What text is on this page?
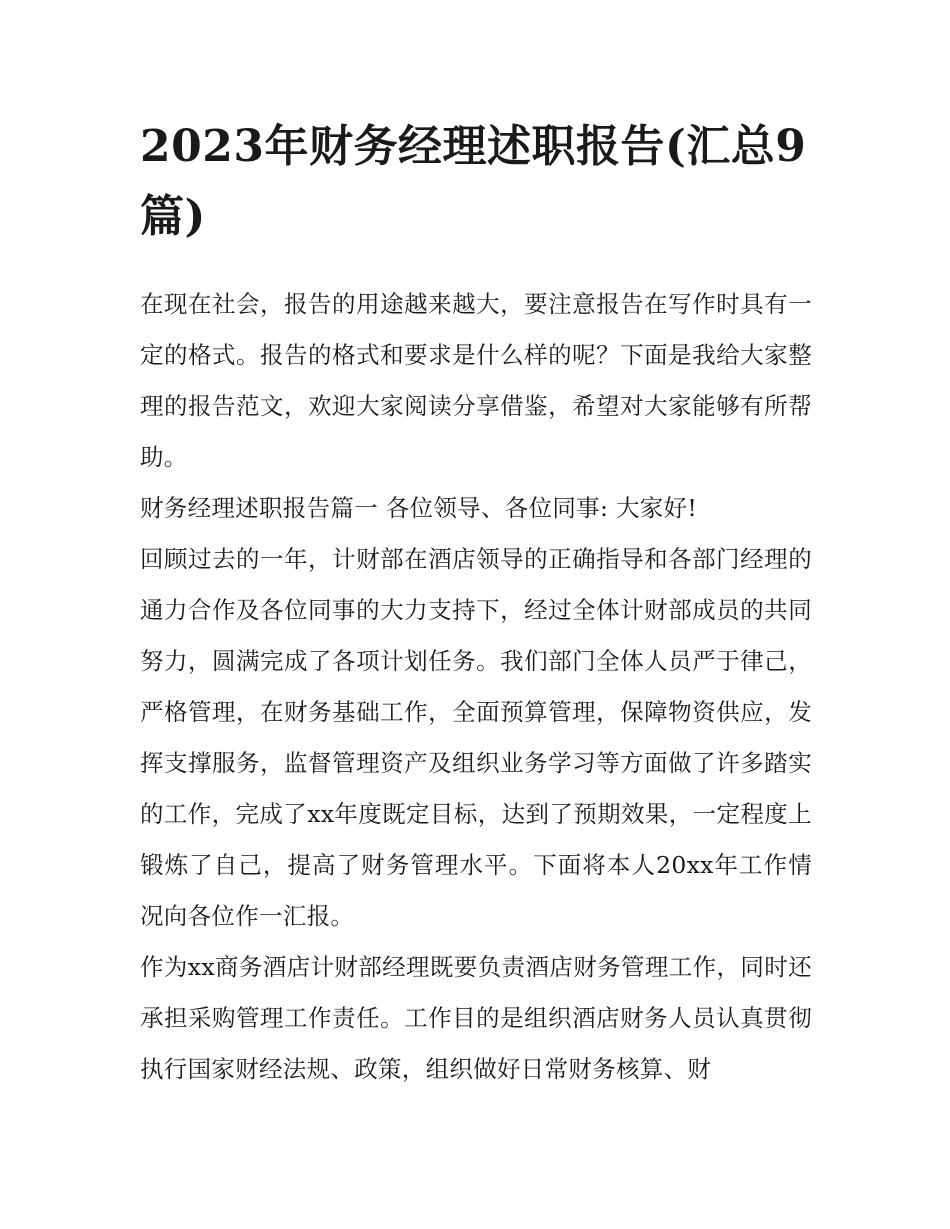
2023年财务经理述职报告(汇总9篇)

在现在社会，报告的用途越来越大，要注意报告在写作时具有一定的格式。报告的格式和要求是什么样的呢？下面是我给大家整理的报告范文，欢迎大家阅读分享借鉴，希望对大家能够有所帮助。

财务经理述职报告篇一 各位领导、各位同事: 大家好!

回顾过去的一年，计财部在酒店领导的正确指导和各部门经理的通力合作及各位同事的大力支持下，经过全体计财部成员的共同努力，圆满完成了各项计划任务。我们部门全体人员严于律己，严格管理，在财务基础工作，全面预算管理，保障物资供应，发挥支撑服务，监督管理资产及组织业务学习等方面做了许多踏实的工作，完成了xx年度既定目标，达到了预期效果，一定程度上锻炼了自己，提高了财务管理水平。下面将本人20xx年工作情况向各位作一汇报。

作为xx商务酒店计财部经理既要负责酒店财务管理工作，同时还承担采购管理工作责任。工作目的是组织酒店财务人员认真贯彻执行国家财经法规、政策，组织做好日常财务核算、财
